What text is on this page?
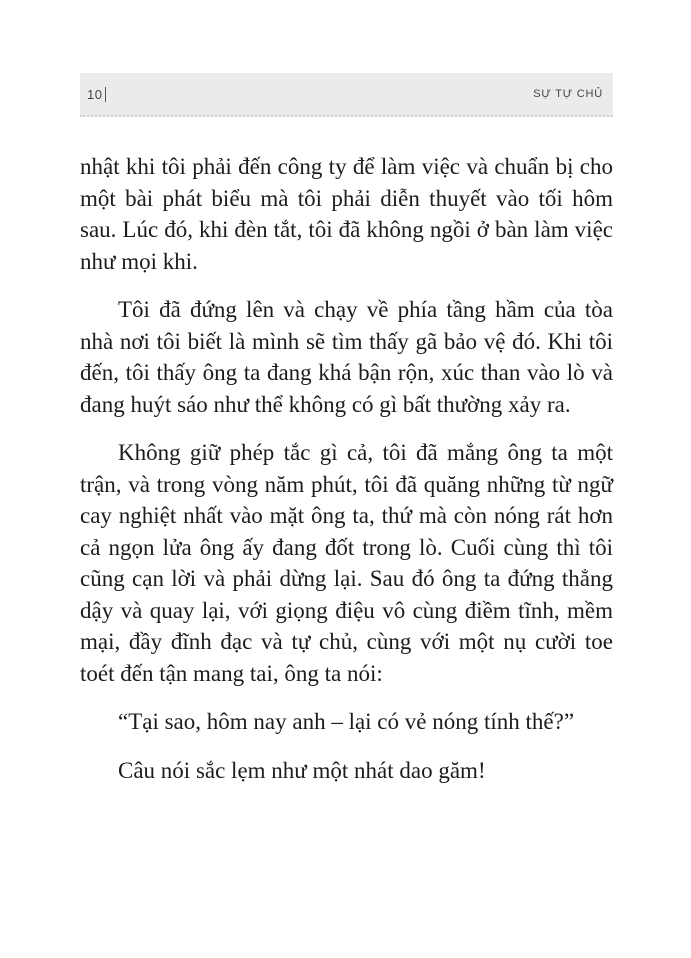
10	SỰ TỰ CHỦ

nhật khi tôi phải đến công ty để làm việc và chuẩn bị cho một bài phát biểu mà tôi phải diễn thuyết vào tối hôm sau. Lúc đó, khi đèn tắt, tôi đã không ngồi ở bàn làm việc như mọi khi.

Tôi đã đứng lên và chạy về phía tầng hầm của tòa nhà nơi tôi biết là mình sẽ tìm thấy gã bảo vệ đó. Khi tôi đến, tôi thấy ông ta đang khá bận rộn, xúc than vào lò và đang huýt sáo như thể không có gì bất thường xảy ra.

Không giữ phép tắc gì cả, tôi đã mắng ông ta một trận, và trong vòng năm phút, tôi đã quăng những từ ngữ cay nghiệt nhất vào mặt ông ta, thứ mà còn nóng rát hơn cả ngọn lửa ông ấy đang đốt trong lò. Cuối cùng thì tôi cũng cạn lời và phải dừng lại. Sau đó ông ta đứng thẳng dậy và quay lại, với giọng điệu vô cùng điềm tĩnh, mềm mại, đầy đĩnh đạc và tự chủ, cùng với một nụ cười toe toét đến tận mang tai, ông ta nói:

“Tại sao, hôm nay anh – lại có vẻ nóng tính thế?”

Câu nói sắc lẹm như một nhát dao găm!
